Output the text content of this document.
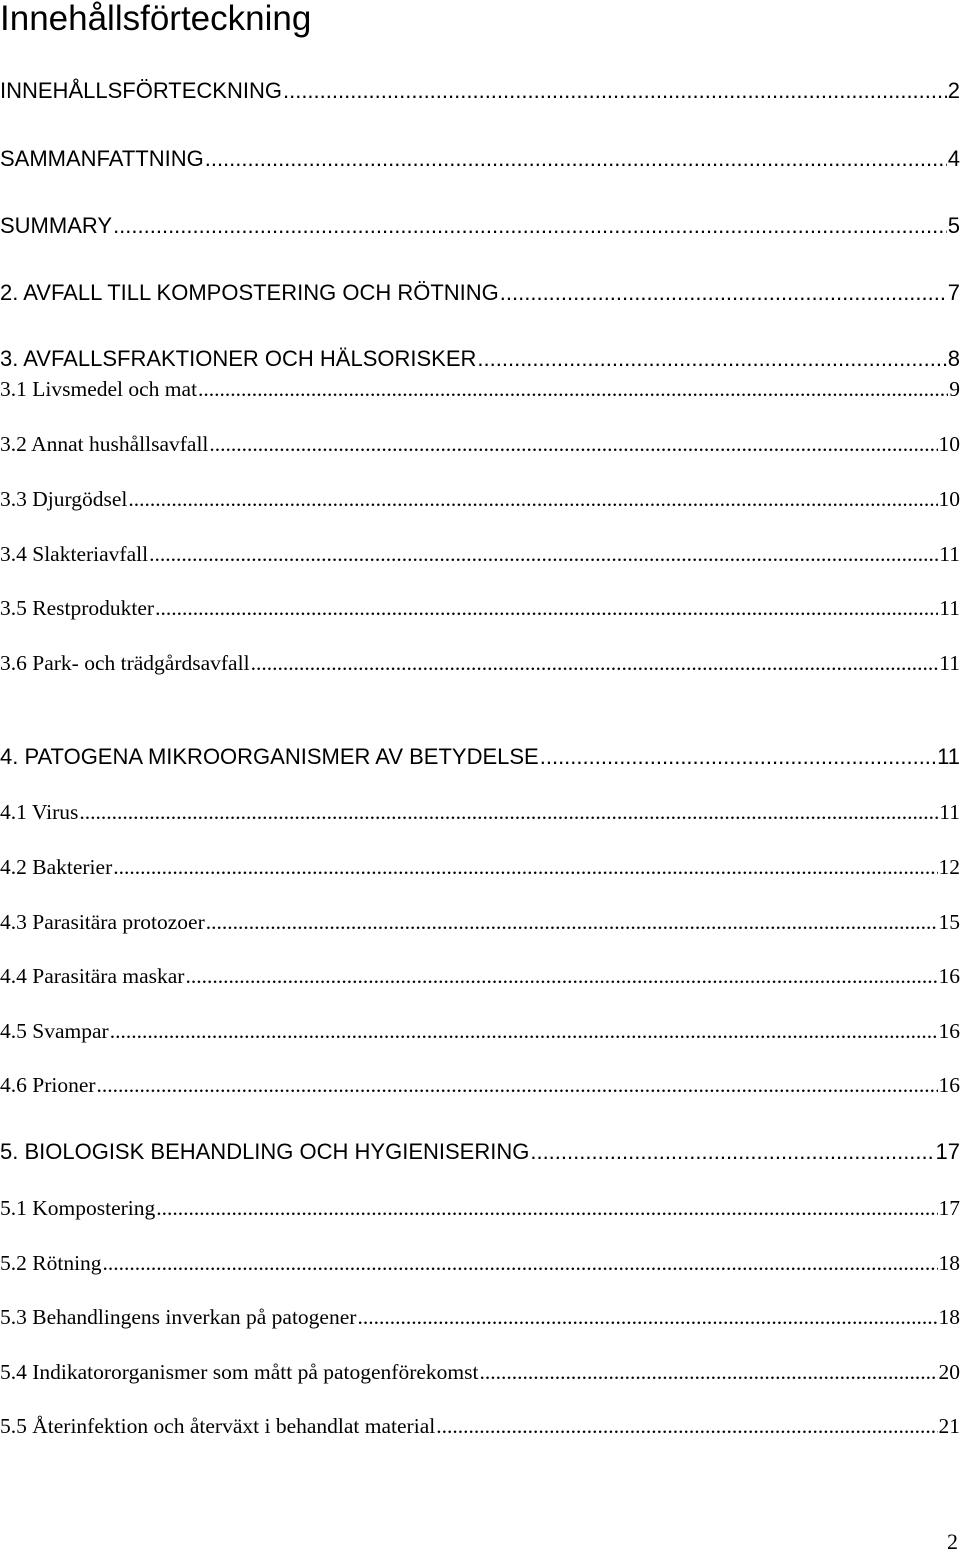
Innehållsförteckning
INNEHÅLLSFÖRTECKNING .....	2
SAMMANFATTNING .....	4
SUMMARY .....	5
2. AVFALL TILL KOMPOSTERING OCH RÖTNING .....	7
3. AVFALLSFRAKTIONER OCH HÄLSORISKER .....	8
3.1 Livsmedel och mat .....	9
3.2 Annat hushållsavfall .....	10
3.3 Djurgödsel .....	10
3.4 Slakteriavfall .....	11
3.5 Restprodukter .....	11
3.6 Park- och trädgårdsavfall .....	11
4. PATOGENA MIKROORGANISMER AV BETYDELSE .....	11
4.1 Virus .....	11
4.2 Bakterier .....	12
4.3 Parasitära protozoer .....	15
4.4 Parasitära maskar .....	16
4.5 Svampar .....	16
4.6 Prioner .....	16
5. BIOLOGISK BEHANDLING OCH HYGIENISERING .....	17
5.1 Kompostering .....	17
5.2 Rötning .....	18
5.3 Behandlingens inverkan på patogener .....	18
5.4 Indikatororganismer som mått på patogenförekomst .....	20
5.5 Återinfektion och återväxt i behandlat material .....	21
2
